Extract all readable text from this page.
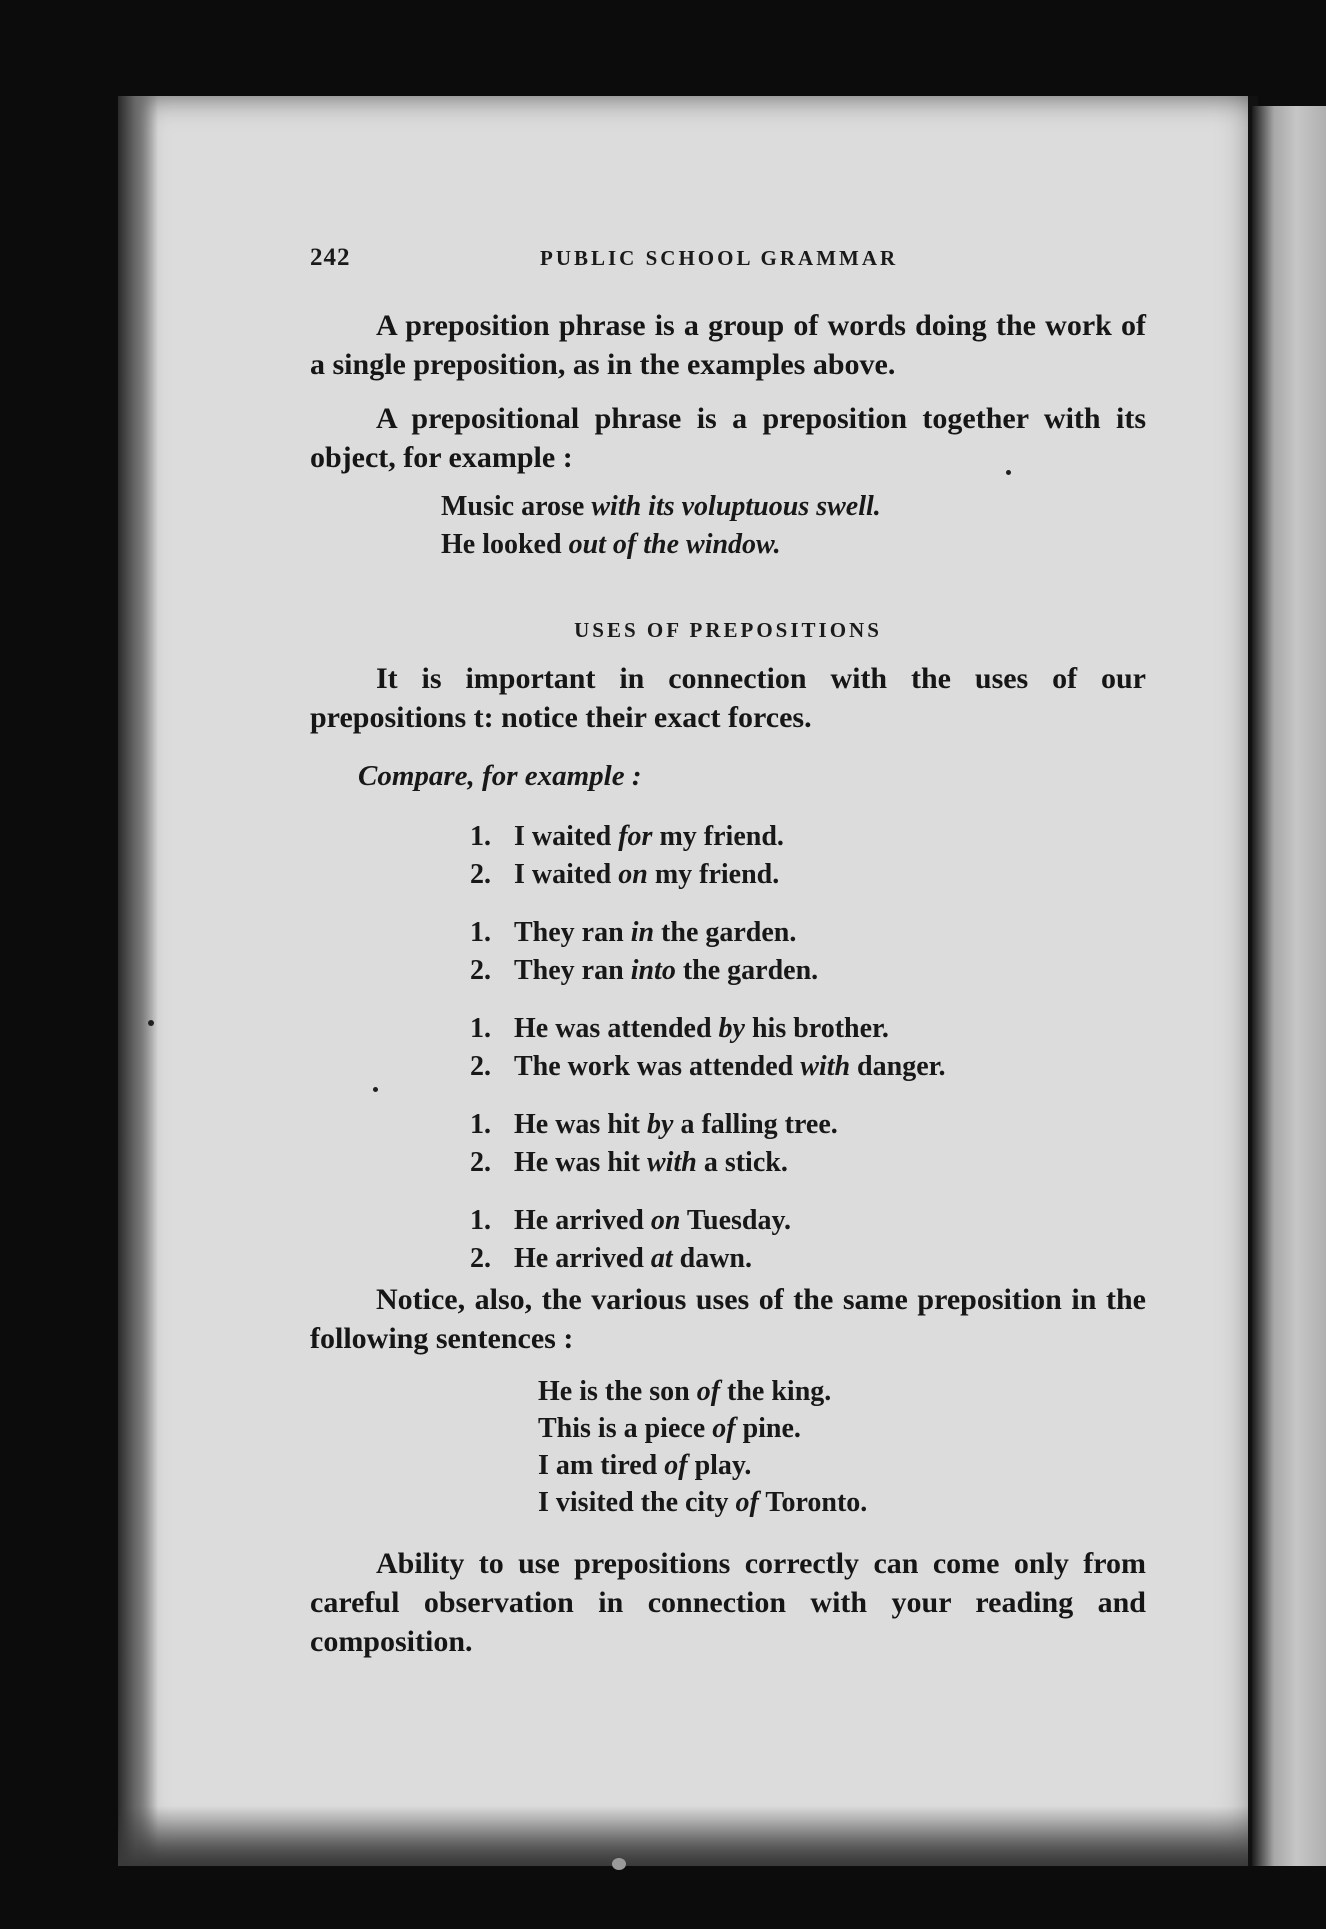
242	PUBLIC SCHOOL GRAMMAR

A preposition phrase is a group of words doing the work of a single preposition, as in the examples above.

A prepositional phrase is a preposition together with its object, for example :

Music arose with its voluptuous swell.
He looked out of the window.
USES OF PREPOSITIONS

It is important in connection with the uses of our prepositions t: notice their exact forces.

Compare, for example :
1. I waited for my friend.
2. I waited on my friend.
1. They ran in the garden.
2. They ran into the garden.
1. He was attended by his brother.
2. The work was attended with danger.
1. He was hit by a falling tree.
2. He was hit with a stick.
1. He arrived on Tuesday.
2. He arrived at dawn.

Notice, also, the various uses of the same preposition in the following sentences :

He is the son of the king.
This is a piece of pine.
I am tired of play.
I visited the city of Toronto.

Ability to use prepositions correctly can come only from careful observation in connection with your reading and composition.
